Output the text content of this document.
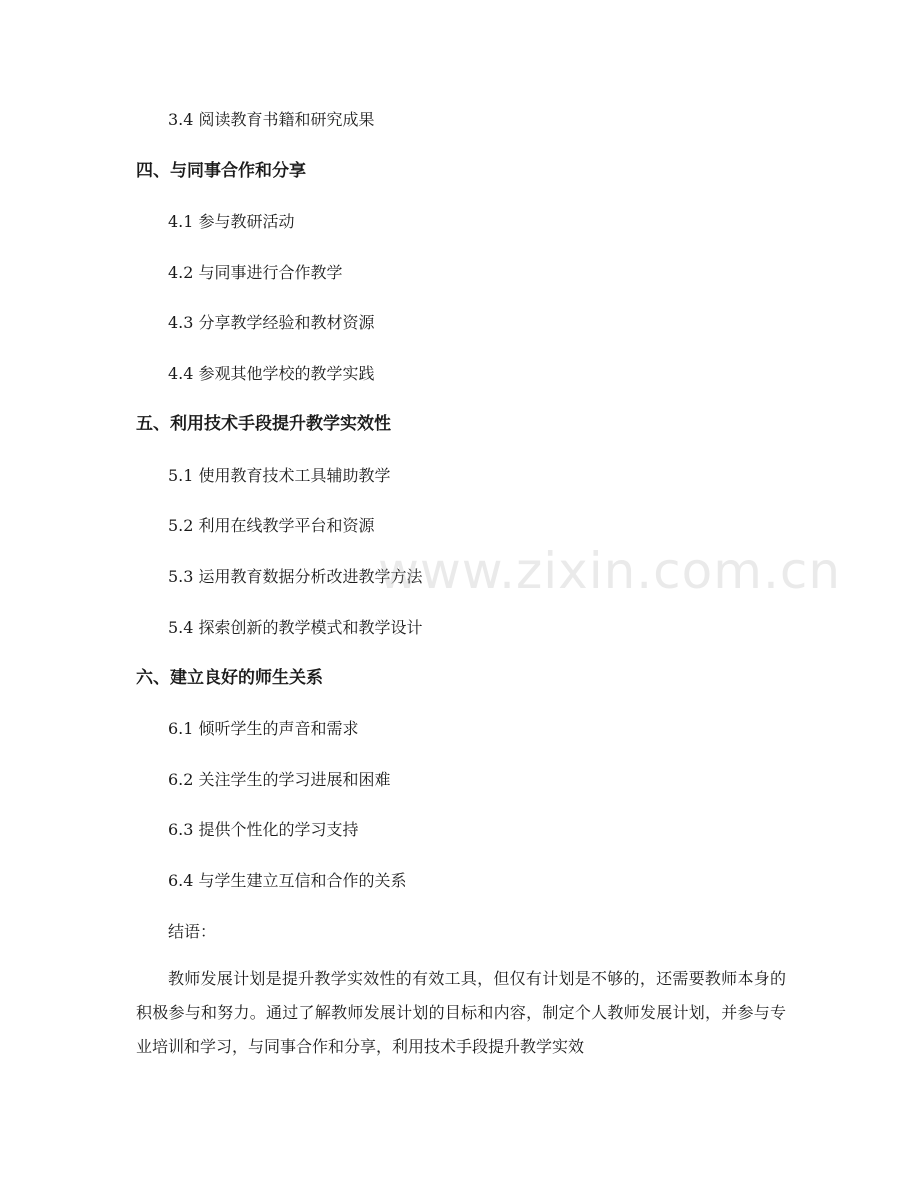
3.4 阅读教育书籍和研究成果
四、与同事合作和分享
4.1 参与教研活动
4.2 与同事进行合作教学
4.3 分享教学经验和教材资源
4.4 参观其他学校的教学实践
五、利用技术手段提升教学实效性
5.1 使用教育技术工具辅助教学
5.2 利用在线教学平台和资源
5.3 运用教育数据分析改进教学方法
5.4 探索创新的教学模式和教学设计
六、建立良好的师生关系
6.1 倾听学生的声音和需求
6.2 关注学生的学习进展和困难
6.3 提供个性化的学习支持
6.4 与学生建立互信和合作的关系
结语：
教师发展计划是提升教学实效性的有效工具，但仅有计划是不够的，还需要教师本身的积极参与和努力。通过了解教师发展计划的目标和内容，制定个人教师发展计划，并参与专业培训和学习，与同事合作和分享，利用技术手段提升教学实效
www.zixin.com.cn
